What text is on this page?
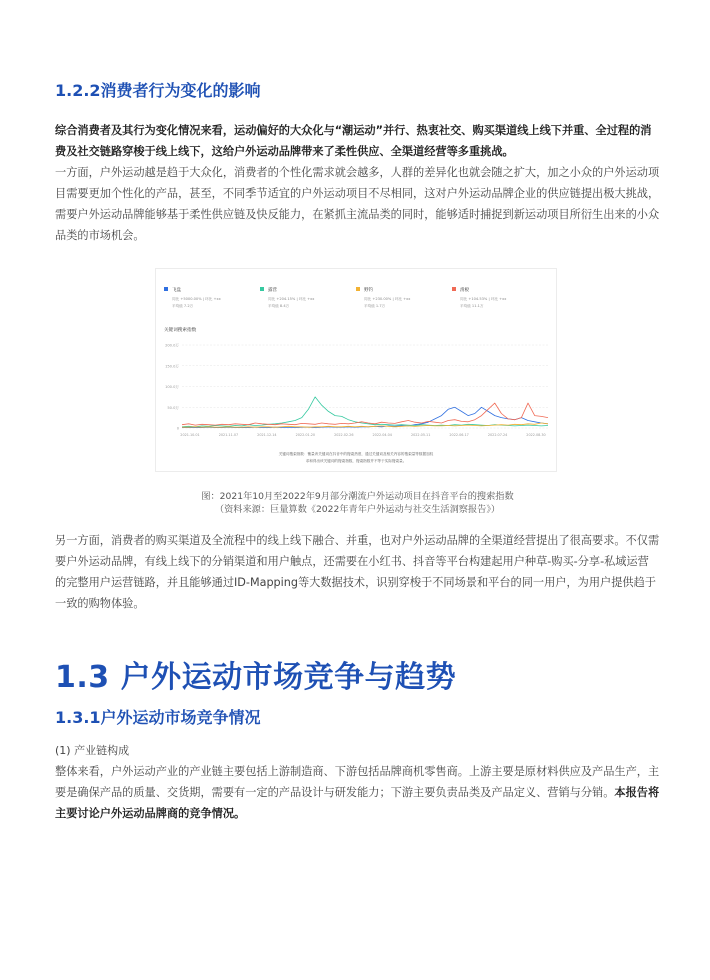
1.2.2消费者行为变化的影响
综合消费者及其行为变化情况来看，运动偏好的大众化与“潮运动”并行、热衷社交、购买渠道线上线下并重、全过程的消费及社交链路穿梭于线上线下，这给户外运动品牌带来了柔性供应、全渠道经营等多重挑战。
一方面，户外运动越是趋于大众化，消费者的个性化需求就会越多，人群的差异化也就会随之扩大，加之小众的户外运动项目需要更加个性化的产品，甚至，不同季节适宜的户外运动项目不尽相同，这对户外运动品牌企业的供应链提出极大挑战，需要户外运动品牌能够基于柔性供应链及快反能力，在紧抓主流品类的同时，能够适时捕捉到新运动项目所衍生出来的小众品类的市场机会。
飞盘
同比 +5000.00% | 环比 +xx
平均值 7.2万
露营
同比 +204.15% | 环比 +xx
平均值 8.4万
野钓
同比 +230.00% | 环比 +xx
平均值 1.7万
滑板
同比 +104.53% | 环比 +xx
平均值 11.1万
关键词搜索指数
200.0万
150.0万
100.0万
50.0万
0
2021.10.01	2021.11.07	2021.12.14	2022.01.20	2022.02.26	2022.04.04	2022.05.11	2022.06.17	2022.07.24	2022.08.30
关键词搜索指数：衡量该关键词在抖音中的搜索热度，通过关键词及相关内容的搜索量等数据加权
求和得出该关键词的搜索指数，搜索指数并不等于实际搜索量。
图：2021年10月至2022年9月部分潮流户外运动项目在抖音平台的搜索指数
（资料来源：巨量算数《2022年青年户外运动与社交生活洞察报告》）
另一方面，消费者的购买渠道及全流程中的线上线下融合、并重，也对户外运动品牌的全渠道经营提出了很高要求。不仅需要户外运动品牌，有线上线下的分销渠道和用户触点，还需要在小红书、抖音等平台构建起用户种草-购买-分享-私域运营的完整用户运营链路，并且能够通过ID-Mapping等大数据技术，识别穿梭于不同场景和平台的同一用户，为用户提供趋于一致的购物体验。
1.3 户外运动市场竞争与趋势
1.3.1户外运动市场竞争情况
(1) 产业链构成
整体来看，户外运动产业的产业链主要包括上游制造商、下游包括品牌商机零售商。上游主要是原材料供应及产品生产，主要是确保产品的质量、交货期，需要有一定的产品设计与研发能力；下游主要负责品类及产品定义、营销与分销。本报告将主要讨论户外运动品牌商的竞争情况。
